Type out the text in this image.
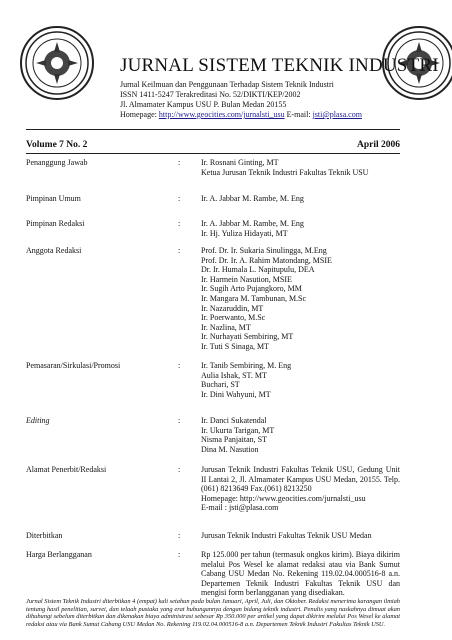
JURNAL SISTEM TEKNIK INDUSTRI
Jurnal Keilmuan dan Penggunaan Terhadap Sistem Teknik Industri
ISSN 1411-5247 Terakreditasi No. 52/DIKTI/KEP/2002
Jl. Almamater Kampus USU P. Bulan Medan 20155
Homepage: http://www.geocities.com/jurnalsti_usu E-mail: jsti@plasa.com
Volume 7 No. 2	April 2006
Penanggung Jawab	:	Ir. Rosnani Ginting, MT
Ketua Jurusan Teknik Industri Fakultas Teknik USU
Pimpinan Umum	:	Ir. A. Jabbar M. Rambe, M. Eng
Pimpinan Redaksi	:	Ir. A. Jabbar M. Rambe, M. Eng
Ir. Hj. Yuliza Hidayati, MT
Anggota Redaksi	:	Prof. Dr. Ir. Sukaria Sinulingga, M.Eng
Prof. Dr. Ir. A. Rahim Matondang, MSIE
Dr. Ir. Humala L. Napitupulu, DEA
Ir. Harmein Nasution, MSIE
Ir. Sugih Arto Pujangkoro, MM
Ir. Mangara M. Tambunan, M.Sc
Ir. Nazaruddin, MT
Ir. Poerwanto, M.Sc
Ir. Nazlina, MT
Ir. Nurhayati Sembiring, MT
Ir. Tuti S Sinaga, MT
Pemasaran/Sirkulasi/Promosi	:	Ir. Tanib Sembiring, M. Eng
Aulia Ishak, ST. MT
Buchari, ST
Ir. Dini Wahyuni, MT
Editing	:	Ir. Danci Sukatendal
Ir. Ukurta Tarigan, MT
Nisma Panjaitan, ST
Dina M. Nasution
Alamat Penerbit/Redaksi	:	Jurusan Teknik Industri Fakultas Teknik USU, Gedung Unit II Lantai 2, Jl. Almamater Kampus USU Medan, 20155. Telp. (061) 8213649 Fax.(061) 8213250
Homepage: http://www.geocities.com/jurnalsti_usu
E-mail : jsti@plasa.com
Diterbitkan	:	Jurusan Teknik Industri Fakultas Teknik USU Medan
Harga Berlangganan	:	Rp 125.000 per tahun (termasuk ongkos kirim). Biaya dikirim melalui Pos Wesel ke alamat redaksi atau via Bank Sumut Cabang USU Medan No. Rekening 119.02.04.000516-8 a.n. Departemen Teknik Industri Fakultas Teknik USU dan mengisi form berlangganan yang disediakan.
Jurnal Sistem Teknik Industri diterbitkan 4 (empat) kali setahun pada bulan Januari, April, Juli, dan Oktober. Redaksi menerima karangan ilmiah tentang hasil penelitian, survei, dan telaah pustaka yang erat hubungannya dengan bidang teknik industri. Penulis yang naskahnya dimuat akan dihubungi sebelum diterbitkan dan dikenakan biaya administrasi sebesar Rp 350.000 per artikel yang dapat dikirim melalui Pos Wesel ke alamat redaksi atau via Bank Sumut Cabang USU Medan No. Rekening 119.02.04.000516-8 a.n. Departemen Teknik Industri Fakultas Teknik USU.
